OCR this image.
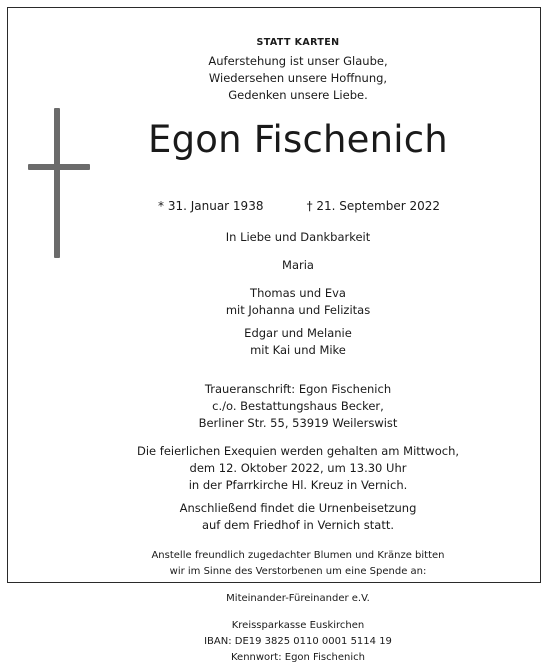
STATT KARTEN

Auferstehung ist unser Glaube,

Wiedersehen unsere Hoffnung,

Gedenken unsere Liebe.

Egon Fischenich

* 31. Januar 1938	† 21. September 2022

In Liebe und Dankbarkeit

Maria

Thomas und Eva

mit Johanna und Felizitas

Edgar und Melanie

mit Kai und Mike

Traueranschrift: Egon Fischenich

c./o. Bestattungshaus Becker,

Berliner Str. 55, 53919 Weilerswist

Die feierlichen Exequien werden gehalten am Mittwoch,

dem 12. Oktober 2022, um 13.30 Uhr

in der Pfarrkirche Hl. Kreuz in Vernich.

Anschließend findet die Urnenbeisetzung

auf dem Friedhof in Vernich statt.

Anstelle freundlich zugedachter Blumen und Kränze bitten

wir im Sinne des Verstorbenen um eine Spende an:

Miteinander-Füreinander e.V.

Kreissparkasse Euskirchen

IBAN: DE19 3825 0110 0001 5114 19

Kennwort: Egon Fischenich
